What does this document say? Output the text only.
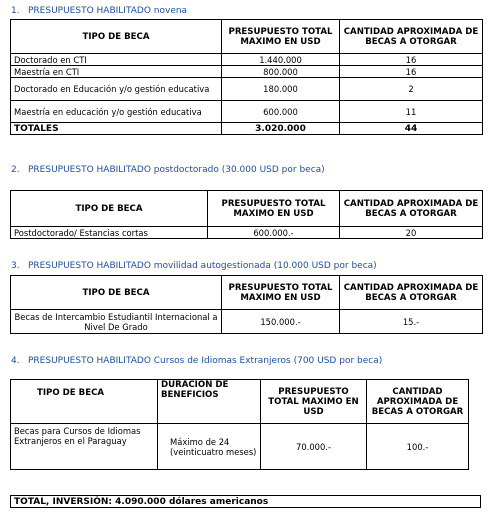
1. PRESUPUESTO HABILITADO novena
TIPO DE BECA	PRESUPUESTO TOTAL MAXIMO EN USD	CANTIDAD APROXIMADA DE BECAS A OTORGAR
Doctorado en CTI	1.440.000	16
Maestría en CTI	800.000	16
Doctorado en Educación y/o gestión educativa	180.000	2
Maestría en educación y/o gestión educativa	600.000	11
TOTALES	3.020.000	44
2. PRESUPUESTO HABILITADO postdoctorado (30.000 USD por beca)
TIPO DE BECA	PRESUPUESTO TOTAL MAXIMO EN USD	CANTIDAD APROXIMADA DE BECAS A OTORGAR
Postdoctorado/ Estancias cortas	600.000.-	20
3. PRESUPUESTO HABILITADO movilidad autogestionada (10.000 USD por beca)
TIPO DE BECA	PRESUPUESTO TOTAL MAXIMO EN USD	CANTIDAD APROXIMADA DE BECAS A OTORGAR
Becas de Intercambio Estudiantil Internacional a Nivel De Grado	150.000.-	15.-
4. PRESUPUESTO HABILITADO Cursos de Idiomas Extranjeros (700 USD por beca)
TIPO DE BECA	DURACION DE BENEFICIOS	PRESUPUESTO TOTAL MAXIMO EN USD	CANTIDAD APROXIMADA DE BECAS A OTORGAR
Becas para Cursos de Idiomas Extranjeros en el Paraguay	Máximo de 24 (veinticuatro meses)	70.000.-	100.-
TOTAL, INVERSIÓN: 4.090.000 dólares americanos
